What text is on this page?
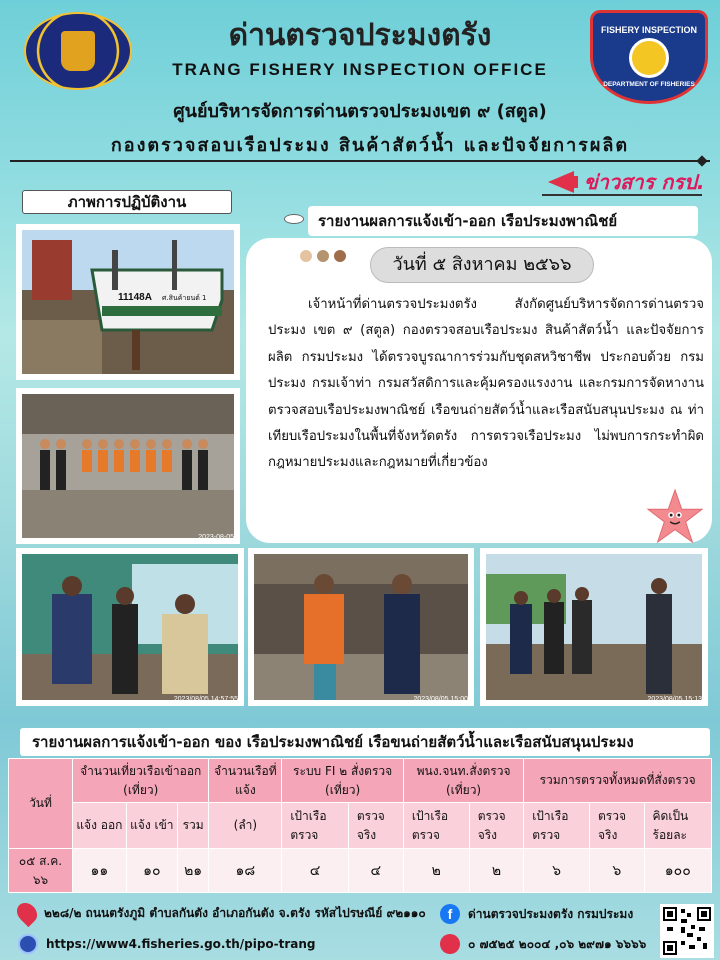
FISHERY INSPECTION
DEPARTMENT OF FISHERIES
ด่านตรวจประมงตรัง
TRANG FISHERY INSPECTION OFFICE
ศูนย์บริหารจัดการด่านตรวจประมงเขต ๙ (สตูล)
กองตรวจสอบเรือประมง สินค้าสัตว์น้ำ และปัจจัยการผลิต
ข่าวสาร กรป.
ภาพการปฏิบัติงาน
รายงานผลการแจ้งเข้า-ออก เรือประมงพาณิชย์
วันที่ ๕ สิงหาคม ๒๕๖๖
เจ้าหน้าที่ด่านตรวจประมงตรัง สังกัดศูนย์บริหารจัดการด่านตรวจประมง เขต ๙ (สตูล) กองตรวจสอบเรือประมง สินค้าสัตว์น้ำ และปัจจัยการผลิต กรมประมง ได้ตรวจบูรณาการร่วมกับชุดสหวิชาชีพ ประกอบด้วย กรมประมง กรมเจ้าท่า กรมสวัสดิการและคุ้มครองแรงงาน และกรมการจัดหางาน ตรวจสอบเรือประมงพาณิชย์ เรือขนถ่ายสัตว์น้ำและเรือสนับสนุนประมง ณ ท่าเทียบเรือประมงในพื้นที่จังหวัดตรัง การตรวจเรือประมง ไม่พบการกระทำผิดกฎหมายประมงและกฎหมายที่เกี่ยวข้อง
11148A ศ.สินค้ายนต์ 1
2023-08-05
2023/08/05 14:57:55	2023/08/05 15:00	2023/08/05 15:13
รายงานผลการแจ้งเข้า-ออก ของ เรือประมงพาณิชย์ เรือขนถ่ายสัตว์น้ำและเรือสนับสนุนประมง
วันที่	จำนวนเที่ยวเรือเข้าออก (เที่ยว)			จำนวนเรือที่แจ้ง	ระบบ FI ๒ สั่งตรวจ (เที่ยว)		พนง.จนท.สั่งตรวจ (เที่ยว)		รวมการตรวจทั้งหมดที่สั่งตรวจ		
	แจ้ง ออก	แจ้ง เข้า	รวม	(ลำ)	เป้าเรือ ตรวจ	ตรวจ จริง	เป้าเรือ ตรวจ	ตรวจ จริง	เป้าเรือ ตรวจ	ตรวจ จริง	คิดเป็น ร้อยละ
๐๕ ส.ค. ๖๖	๑๑	๑๐	๒๑	๑๘	๔	๔	๒	๒	๖	๖	๑๐๐
๒๒๘/๒ ถนนตรังภูมิ ตำบลกันตัง อำเภอกันตัง จ.ตรัง รหัสไปรษณีย์ ๙๒๑๑๐	f	ด่านตรวจประมงตรัง กรมประมง
https://www4.fisheries.go.th/pipo-trang	๐ ๗๕๒๕ ๒๐๐๔ ,๐๖ ๒๙๗๑ ๖๖๖๖
